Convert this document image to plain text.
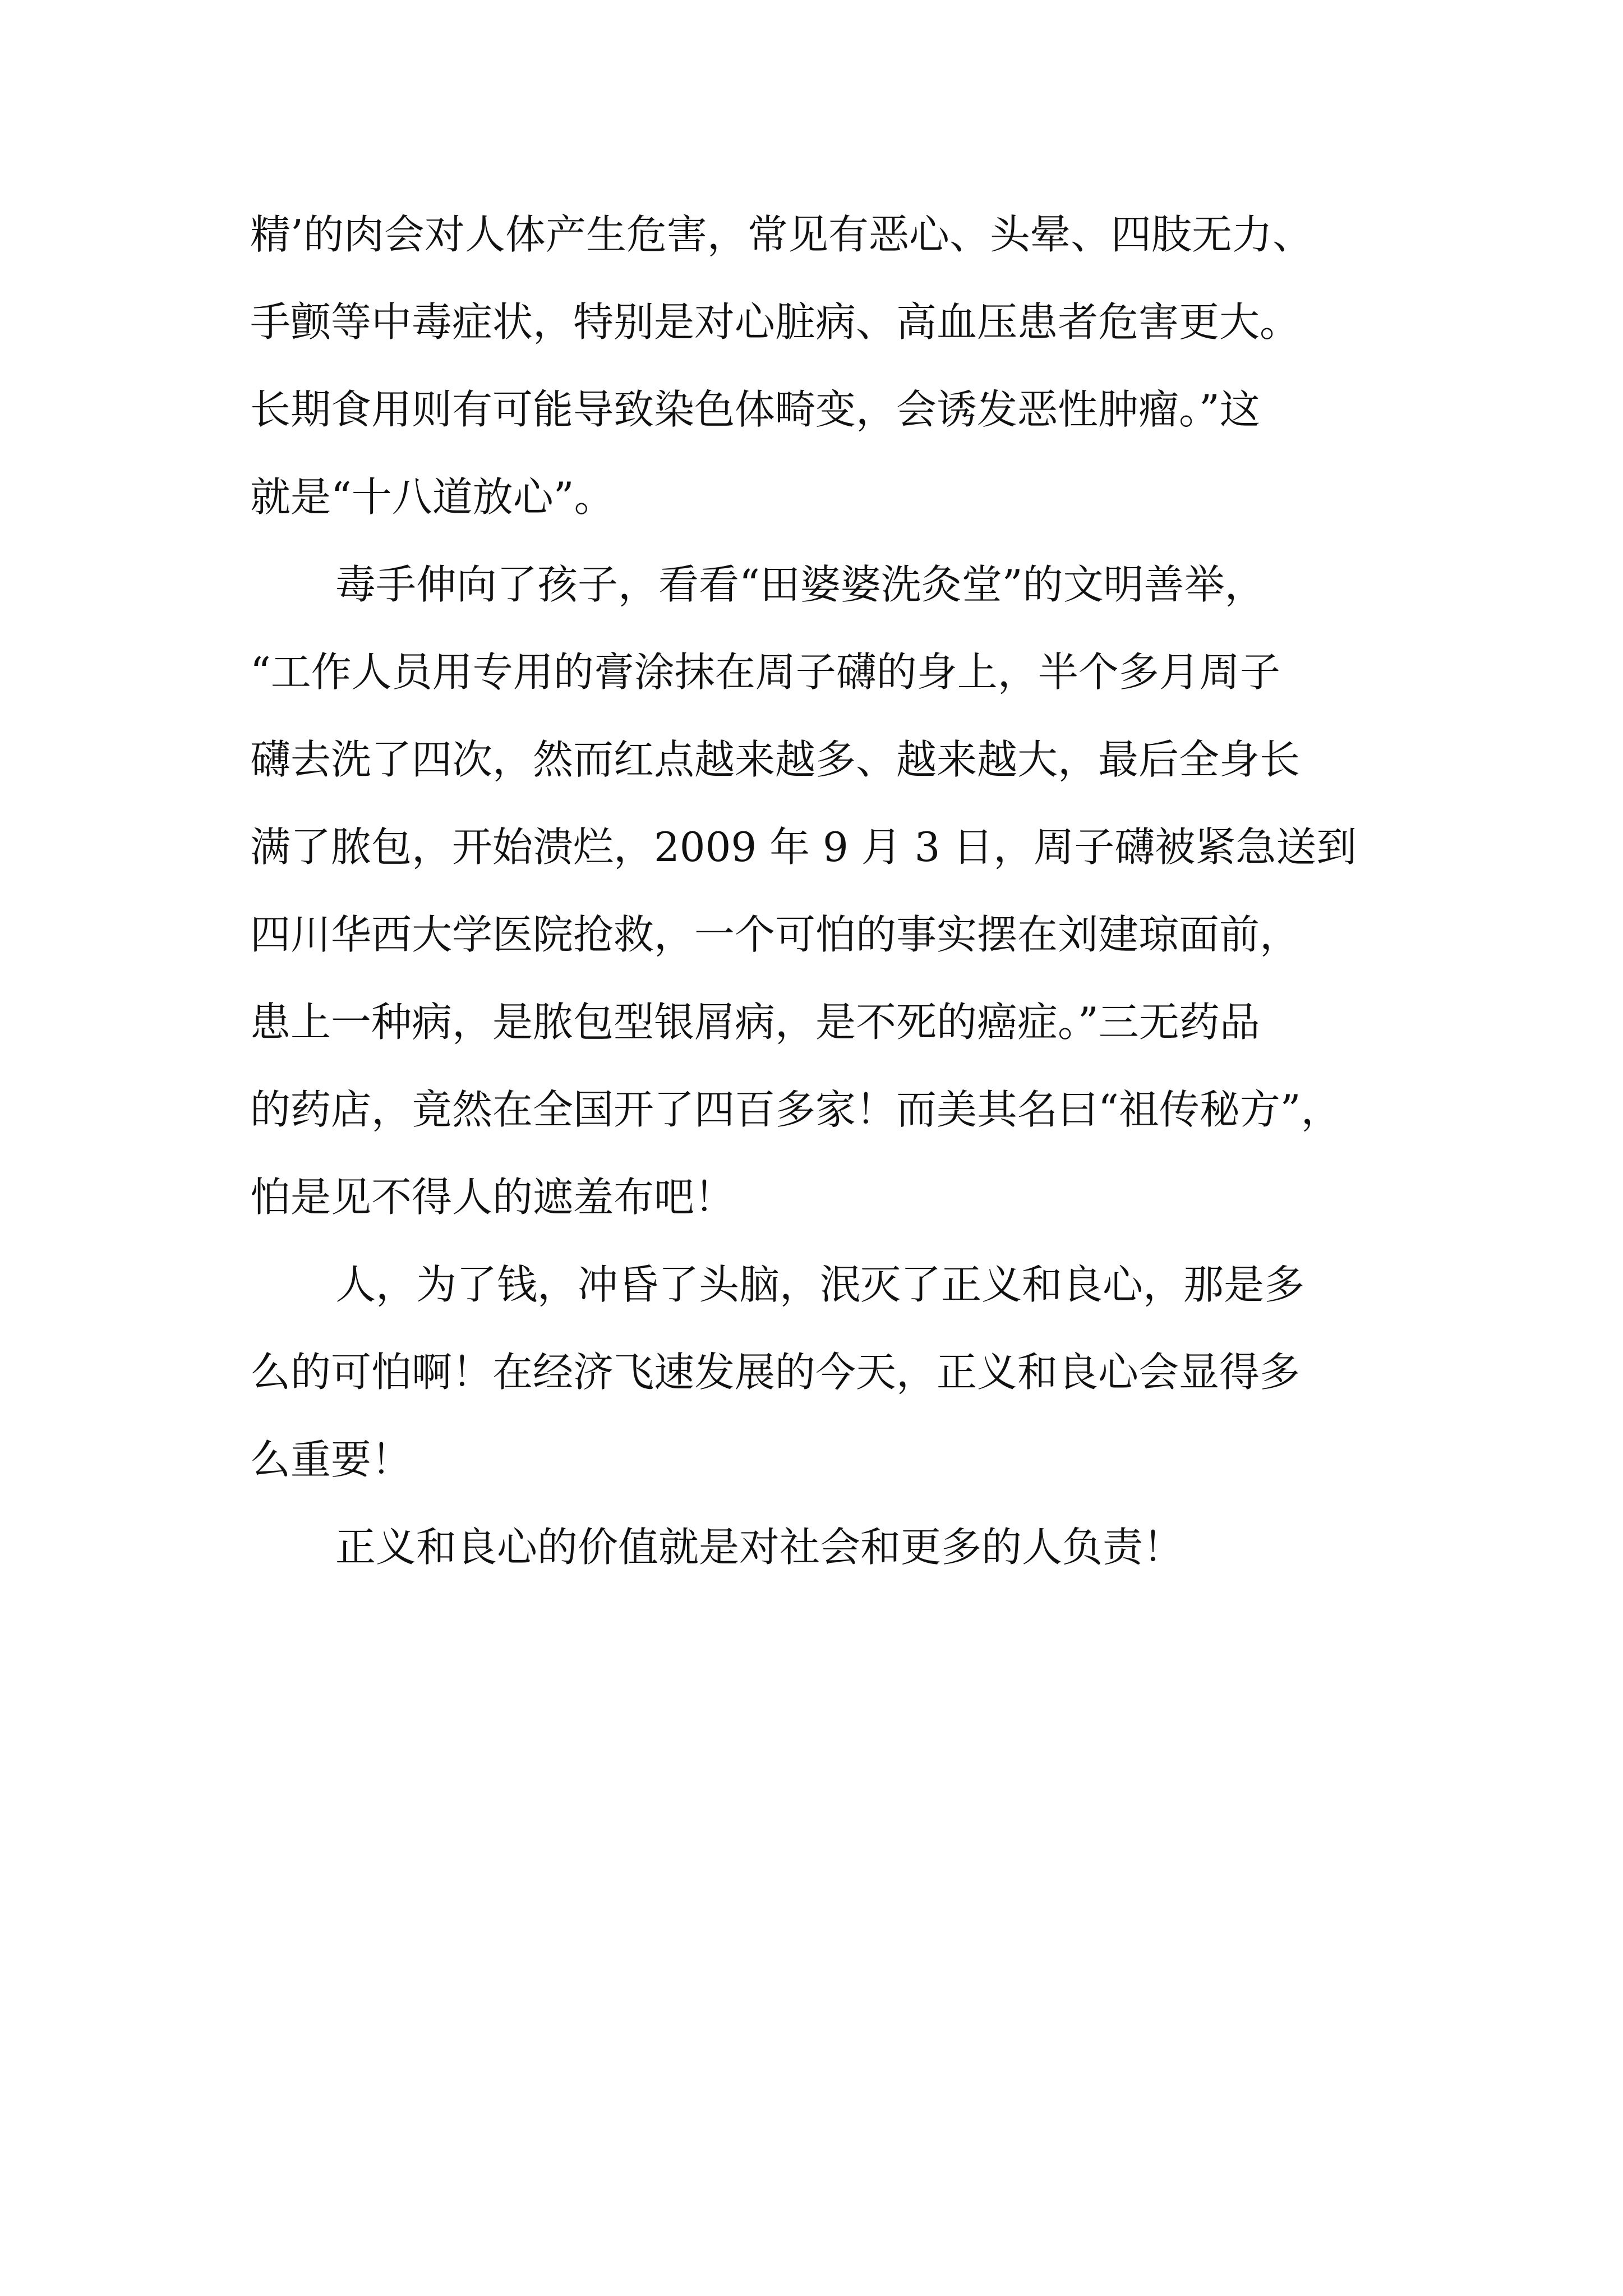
精’的肉会对人体产生危害，常见有恶心、头晕、四肢无力、
手颤等中毒症状，特别是对心脏病、高血压患者危害更大。
长期食用则有可能导致染色体畸变，会诱发恶性肿瘤。”这
就是“十八道放心”。
毒手伸向了孩子，看看“田婆婆洗灸堂”的文明善举，
“工作人员用专用的膏涂抹在周子礴的身上，半个多月周子
礴去洗了四次，然而红点越来越多、越来越大，最后全身长
满了脓包，开始溃烂，2009 年 9 月 3 日，周子礴被紧急送到
四川华西大学医院抢救，一个可怕的事实摆在刘建琼面前，
患上一种病，是脓包型银屑病，是不死的癌症。”三无药品
的药店，竟然在全国开了四百多家！而美其名曰“祖传秘方”，
怕是见不得人的遮羞布吧！
人，为了钱，冲昏了头脑，泯灭了正义和良心，那是多
么的可怕啊！在经济飞速发展的今天，正义和良心会显得多
么重要！
正义和良心的价值就是对社会和更多的人负责！
